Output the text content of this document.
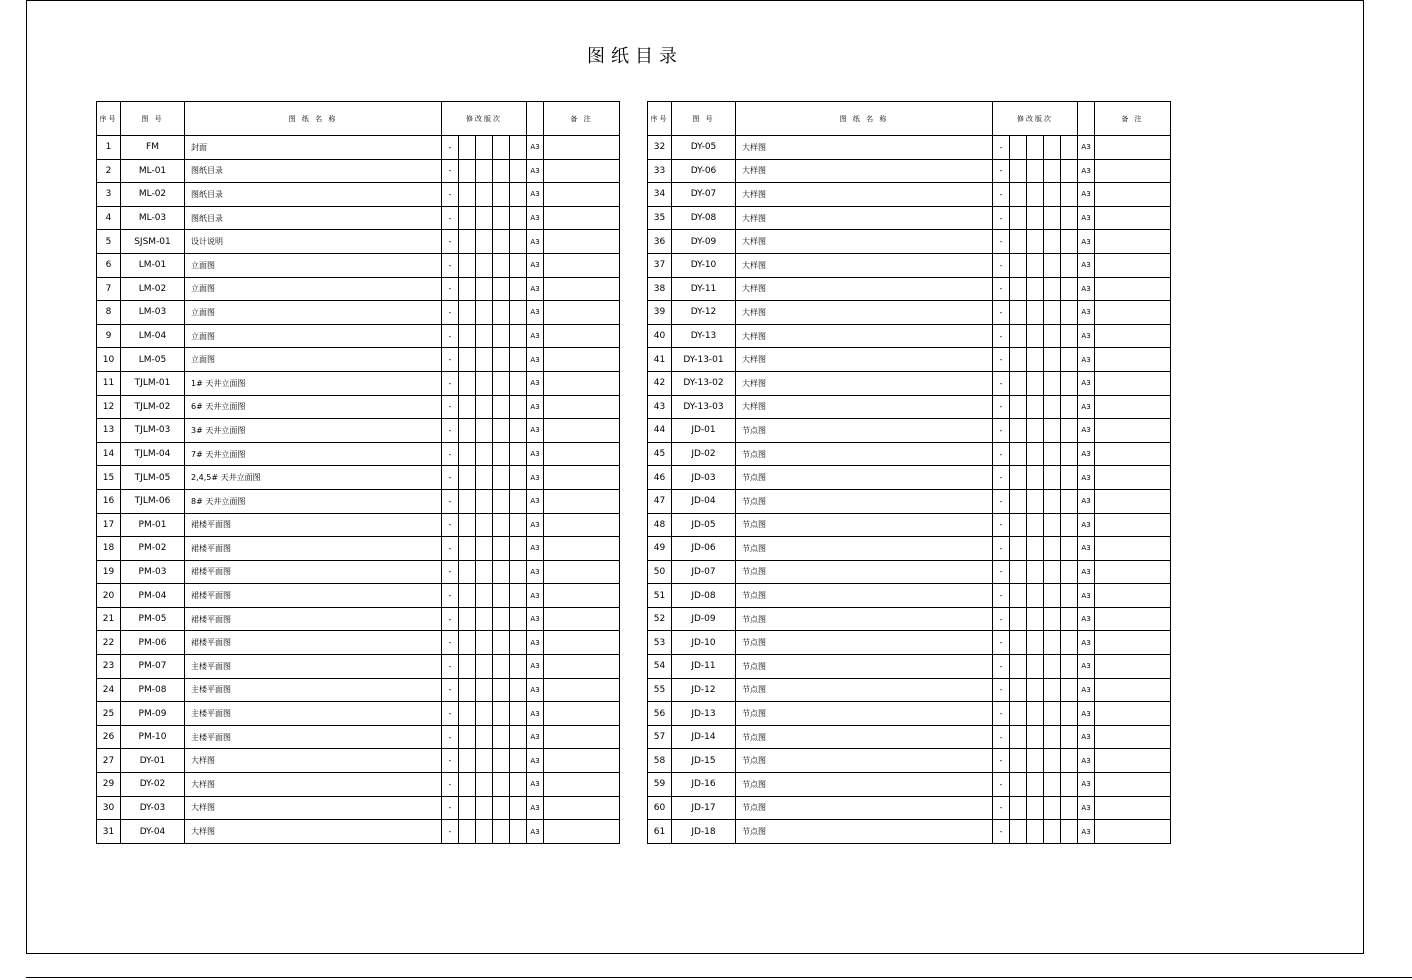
图纸目录
序号	图 号	图 纸 名 称	修改版次						备 注
1	FM	封面	-					A3	
2	ML-01	图纸目录	-					A3	
3	ML-02	图纸目录	-					A3	
4	ML-03	图纸目录	-					A3	
5	SJSM-01	设计说明	-					A3	
6	LM-01	立面图	-					A3	
7	LM-02	立面图	-					A3	
8	LM-03	立面图	-					A3	
9	LM-04	立面图	-					A3	
10	LM-05	立面图	-					A3	
11	TJLM-01	1# 天井立面图	-					A3	
12	TJLM-02	6# 天井立面图	-					A3	
13	TJLM-03	3# 天井立面图	-					A3	
14	TJLM-04	7# 天井立面图	-					A3	
15	TJLM-05	2,4,5# 天井立面图	-					A3	
16	TJLM-06	8# 天井立面图	-					A3	
17	PM-01	裙楼平面图	-					A3	
18	PM-02	裙楼平面图	-					A3	
19	PM-03	裙楼平面图	-					A3	
20	PM-04	裙楼平面图	-					A3	
21	PM-05	裙楼平面图	-					A3	
22	PM-06	裙楼平面图	-					A3	
23	PM-07	主楼平面图	-					A3	
24	PM-08	主楼平面图	-					A3	
25	PM-09	主楼平面图	-					A3	
26	PM-10	主楼平面图	-					A3	
27	DY-01	大样图	-					A3	
29	DY-02	大样图	-					A3	
30	DY-03	大样图	-					A3	
31	DY-04	大样图	-					A3	
序号	图 号	图 纸 名 称	修改版次						备 注
32	DY-05	大样图	-					A3	
33	DY-06	大样图	-					A3	
34	DY-07	大样图	-					A3	
35	DY-08	大样图	-					A3	
36	DY-09	大样图	-					A3	
37	DY-10	大样图	-					A3	
38	DY-11	大样图	-					A3	
39	DY-12	大样图	-					A3	
40	DY-13	大样图	-					A3	
41	DY-13-01	大样图	-					A3	
42	DY-13-02	大样图	-					A3	
43	DY-13-03	大样图	-					A3	
44	JD-01	节点图	-					A3	
45	JD-02	节点图	-					A3	
46	JD-03	节点图	-					A3	
47	JD-04	节点图	-					A3	
48	JD-05	节点图	-					A3	
49	JD-06	节点图	-					A3	
50	JD-07	节点图	-					A3	
51	JD-08	节点图	-					A3	
52	JD-09	节点图	-					A3	
53	JD-10	节点图	-					A3	
54	JD-11	节点图	-					A3	
55	JD-12	节点图	-					A3	
56	JD-13	节点图	-					A3	
57	JD-14	节点图	-					A3	
58	JD-15	节点图	-					A3	
59	JD-16	节点图	-					A3	
60	JD-17	节点图	-					A3	
61	JD-18	节点图	-					A3	
